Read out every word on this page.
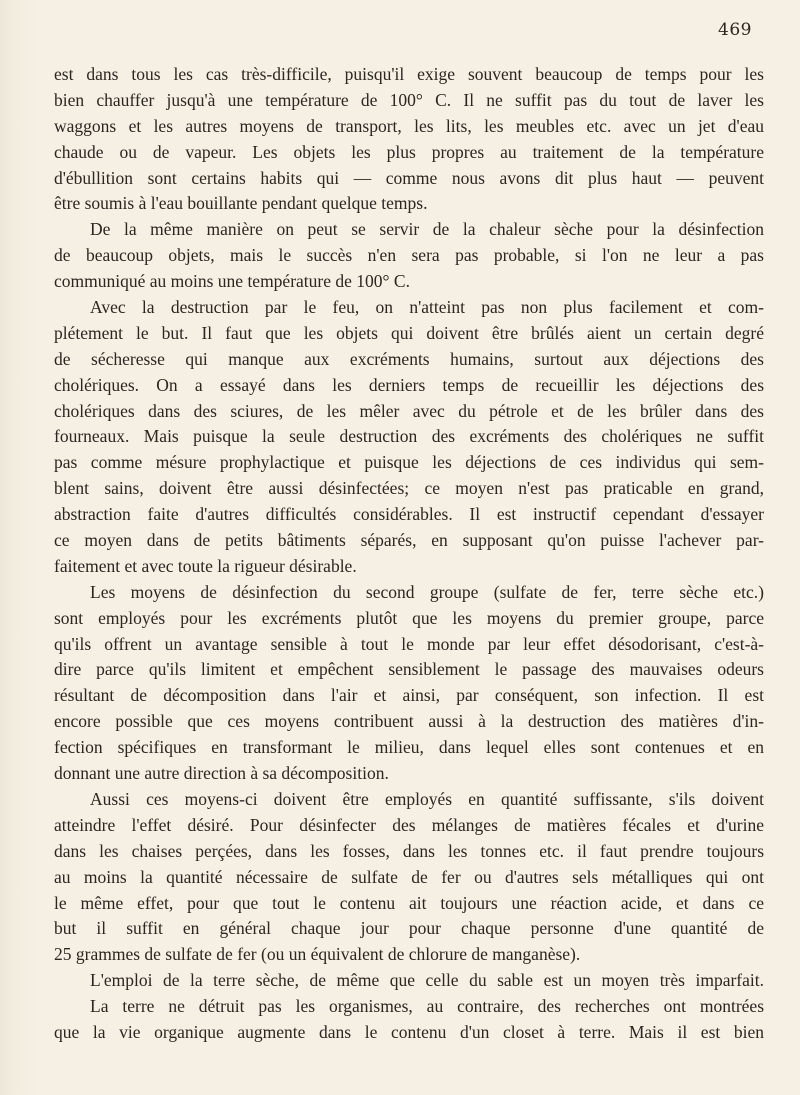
469
est dans tous les cas très-difficile, puisqu'il exige souvent beaucoup de temps pour les
bien chauffer jusqu'à une température de 100° C. Il ne suffit pas du tout de laver les
waggons et les autres moyens de transport, les lits, les meubles etc. avec un jet d'eau
chaude ou de vapeur. Les objets les plus propres au traitement de la température
d'ébullition sont certains habits qui — comme nous avons dit plus haut — peuvent
être soumis à l'eau bouillante pendant quelque temps.
De la même manière on peut se servir de la chaleur sèche pour la désinfection
de beaucoup objets, mais le succès n'en sera pas probable, si l'on ne leur a pas
communiqué au moins une température de 100° C.
Avec la destruction par le feu, on n'atteint pas non plus facilement et com-
plétement le but. Il faut que les objets qui doivent être brûlés aient un certain degré
de sécheresse qui manque aux excréments humains, surtout aux déjections des
cholériques. On a essayé dans les derniers temps de recueillir les déjections des
cholériques dans des sciures, de les mêler avec du pétrole et de les brûler dans des
fourneaux. Mais puisque la seule destruction des excréments des cholériques ne suffit
pas comme mésure prophylactique et puisque les déjections de ces individus qui sem-
blent sains, doivent être aussi désinfectées; ce moyen n'est pas praticable en grand,
abstraction faite d'autres difficultés considérables. Il est instructif cependant d'essayer
ce moyen dans de petits bâtiments séparés, en supposant qu'on puisse l'achever par-
faitement et avec toute la rigueur désirable.
Les moyens de désinfection du second groupe (sulfate de fer, terre sèche etc.)
sont employés pour les excréments plutôt que les moyens du premier groupe, parce
qu'ils offrent un avantage sensible à tout le monde par leur effet désodorisant, c'est-à-
dire parce qu'ils limitent et empêchent sensiblement le passage des mauvaises odeurs
résultant de décomposition dans l'air et ainsi, par conséquent, son infection. Il est
encore possible que ces moyens contribuent aussi à la destruction des matières d'in-
fection spécifiques en transformant le milieu, dans lequel elles sont contenues et en
donnant une autre direction à sa décomposition.
Aussi ces moyens-ci doivent être employés en quantité suffissante, s'ils doivent
atteindre l'effet désiré. Pour désinfecter des mélanges de matières fécales et d'urine
dans les chaises perçées, dans les fosses, dans les tonnes etc. il faut prendre toujours
au moins la quantité nécessaire de sulfate de fer ou d'autres sels métalliques qui ont
le même effet, pour que tout le contenu ait toujours une réaction acide, et dans ce
but il suffit en général chaque jour pour chaque personne d'une quantité de
25 grammes de sulfate de fer (ou un équivalent de chlorure de manganèse).
L'emploi de la terre sèche, de même que celle du sable est un moyen très imparfait.
La terre ne détruit pas les organismes, au contraire, des recherches ont montrées
que la vie organique augmente dans le contenu d'un closet à terre. Mais il est bien
